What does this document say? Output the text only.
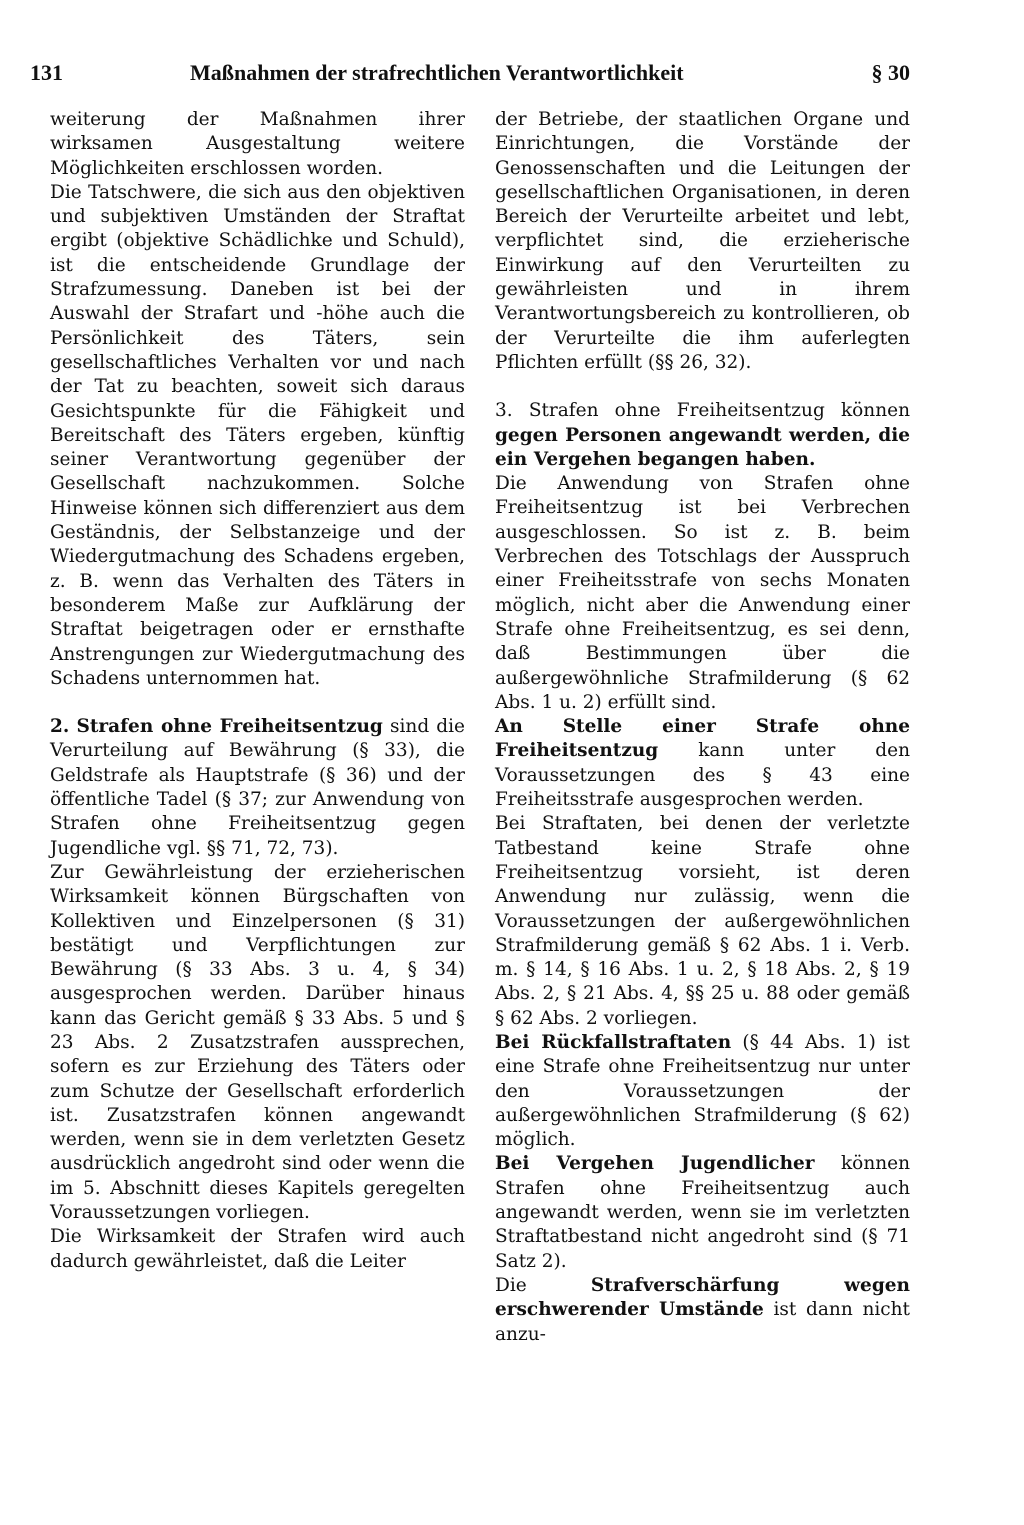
131	Maßnahmen der strafrechtlichen Verantwortlichkeit	§ 30

weiterung der Maßnahmen ihrer wirksamen Ausgestaltung weitere Möglichkeiten erschlossen worden.

Die Tatschwere, die sich aus den objektiven und subjektiven Umständen der Straftat ergibt (objektive Schädlichke und Schuld), ist die entscheidende Grundlage der Strafzumessung. Daneben ist bei der Auswahl der Strafart und -höhe auch die Persönlichkeit des Täters, sein gesellschaftliches Verhalten vor und nach der Tat zu beachten, soweit sich daraus Gesichtspunkte für die Fähigkeit und Bereitschaft des Täters ergeben, künftig seiner Verantwortung gegenüber der Gesellschaft nachzukommen. Solche Hinweise können sich differenziert aus dem Geständnis, der Selbstanzeige und der Wiedergutmachung des Schadens ergeben, z. B. wenn das Verhalten des Täters in besonderem Maße zur Aufklärung der Straftat beigetragen oder er ernsthafte Anstrengungen zur Wiedergutmachung des Schadens unternommen hat.

2. Strafen ohne Freiheitsentzug sind die Verurteilung auf Bewährung (§ 33), die Geldstrafe als Hauptstrafe (§ 36) und der öffentliche Tadel (§ 37; zur Anwendung von Strafen ohne Freiheitsentzug gegen Jugendliche vgl. §§ 71, 72, 73).

Zur Gewährleistung der erzieherischen Wirksamkeit können Bürgschaften von Kollektiven und Einzelpersonen (§ 31) bestätigt und Verpflichtungen zur Bewährung (§ 33 Abs. 3 u. 4, § 34) ausgesprochen werden. Darüber hinaus kann das Gericht gemäß § 33 Abs. 5 und § 23 Abs. 2 Zusatzstrafen aussprechen, sofern es zur Erziehung des Täters oder zum Schutze der Gesellschaft erforderlich ist. Zusatzstrafen können angewandt werden, wenn sie in dem verletzten Gesetz ausdrücklich angedroht sind oder wenn die im 5. Abschnitt dieses Kapitels geregelten Voraussetzungen vorliegen.

Die Wirksamkeit der Strafen wird auch dadurch gewährleistet, daß die Leiter

der Betriebe, der staatlichen Organe und Einrichtungen, die Vorstände der Genossenschaften und die Leitungen der gesellschaftlichen Organisationen, in deren Bereich der Verurteilte arbeitet und lebt, verpflichtet sind, die erzieherische Einwirkung auf den Verurteilten zu gewährleisten und in ihrem Verantwortungsbereich zu kontrollieren, ob der Verurteilte die ihm auferlegten Pflichten erfüllt (§§ 26, 32).

3. Strafen ohne Freiheitsentzug können gegen Personen angewandt werden, die ein Vergehen begangen haben.

Die Anwendung von Strafen ohne Freiheitsentzug ist bei Verbrechen ausgeschlossen. So ist z. B. beim Verbrechen des Totschlags der Ausspruch einer Freiheitsstrafe von sechs Monaten möglich, nicht aber die Anwendung einer Strafe ohne Freiheitsentzug, es sei denn, daß Bestimmungen über die außergewöhnliche Strafmilderung (§ 62 Abs. 1 u. 2) erfüllt sind.

An Stelle einer Strafe ohne Freiheitsentzug kann unter den Voraussetzungen des § 43 eine Freiheitsstrafe ausgesprochen werden.

Bei Straftaten, bei denen der verletzte Tatbestand keine Strafe ohne Freiheitsentzug vorsieht, ist deren Anwendung nur zulässig, wenn die Voraussetzungen der außergewöhnlichen Strafmilderung gemäß § 62 Abs. 1 i. Verb. m. § 14, § 16 Abs. 1 u. 2, § 18 Abs. 2, § 19 Abs. 2, § 21 Abs. 4, §§ 25 u. 88 oder gemäß § 62 Abs. 2 vorliegen.

Bei Rückfallstraftaten (§ 44 Abs. 1) ist eine Strafe ohne Freiheitsentzug nur unter den Voraussetzungen der außergewöhnlichen Strafmilderung (§ 62) möglich.

Bei Vergehen Jugendlicher können Strafen ohne Freiheitsentzug auch angewandt werden, wenn sie im verletzten Straftatbestand nicht angedroht sind (§ 71 Satz 2).

Die Strafverschärfung wegen erschwerender Umstände ist dann nicht anzu-
